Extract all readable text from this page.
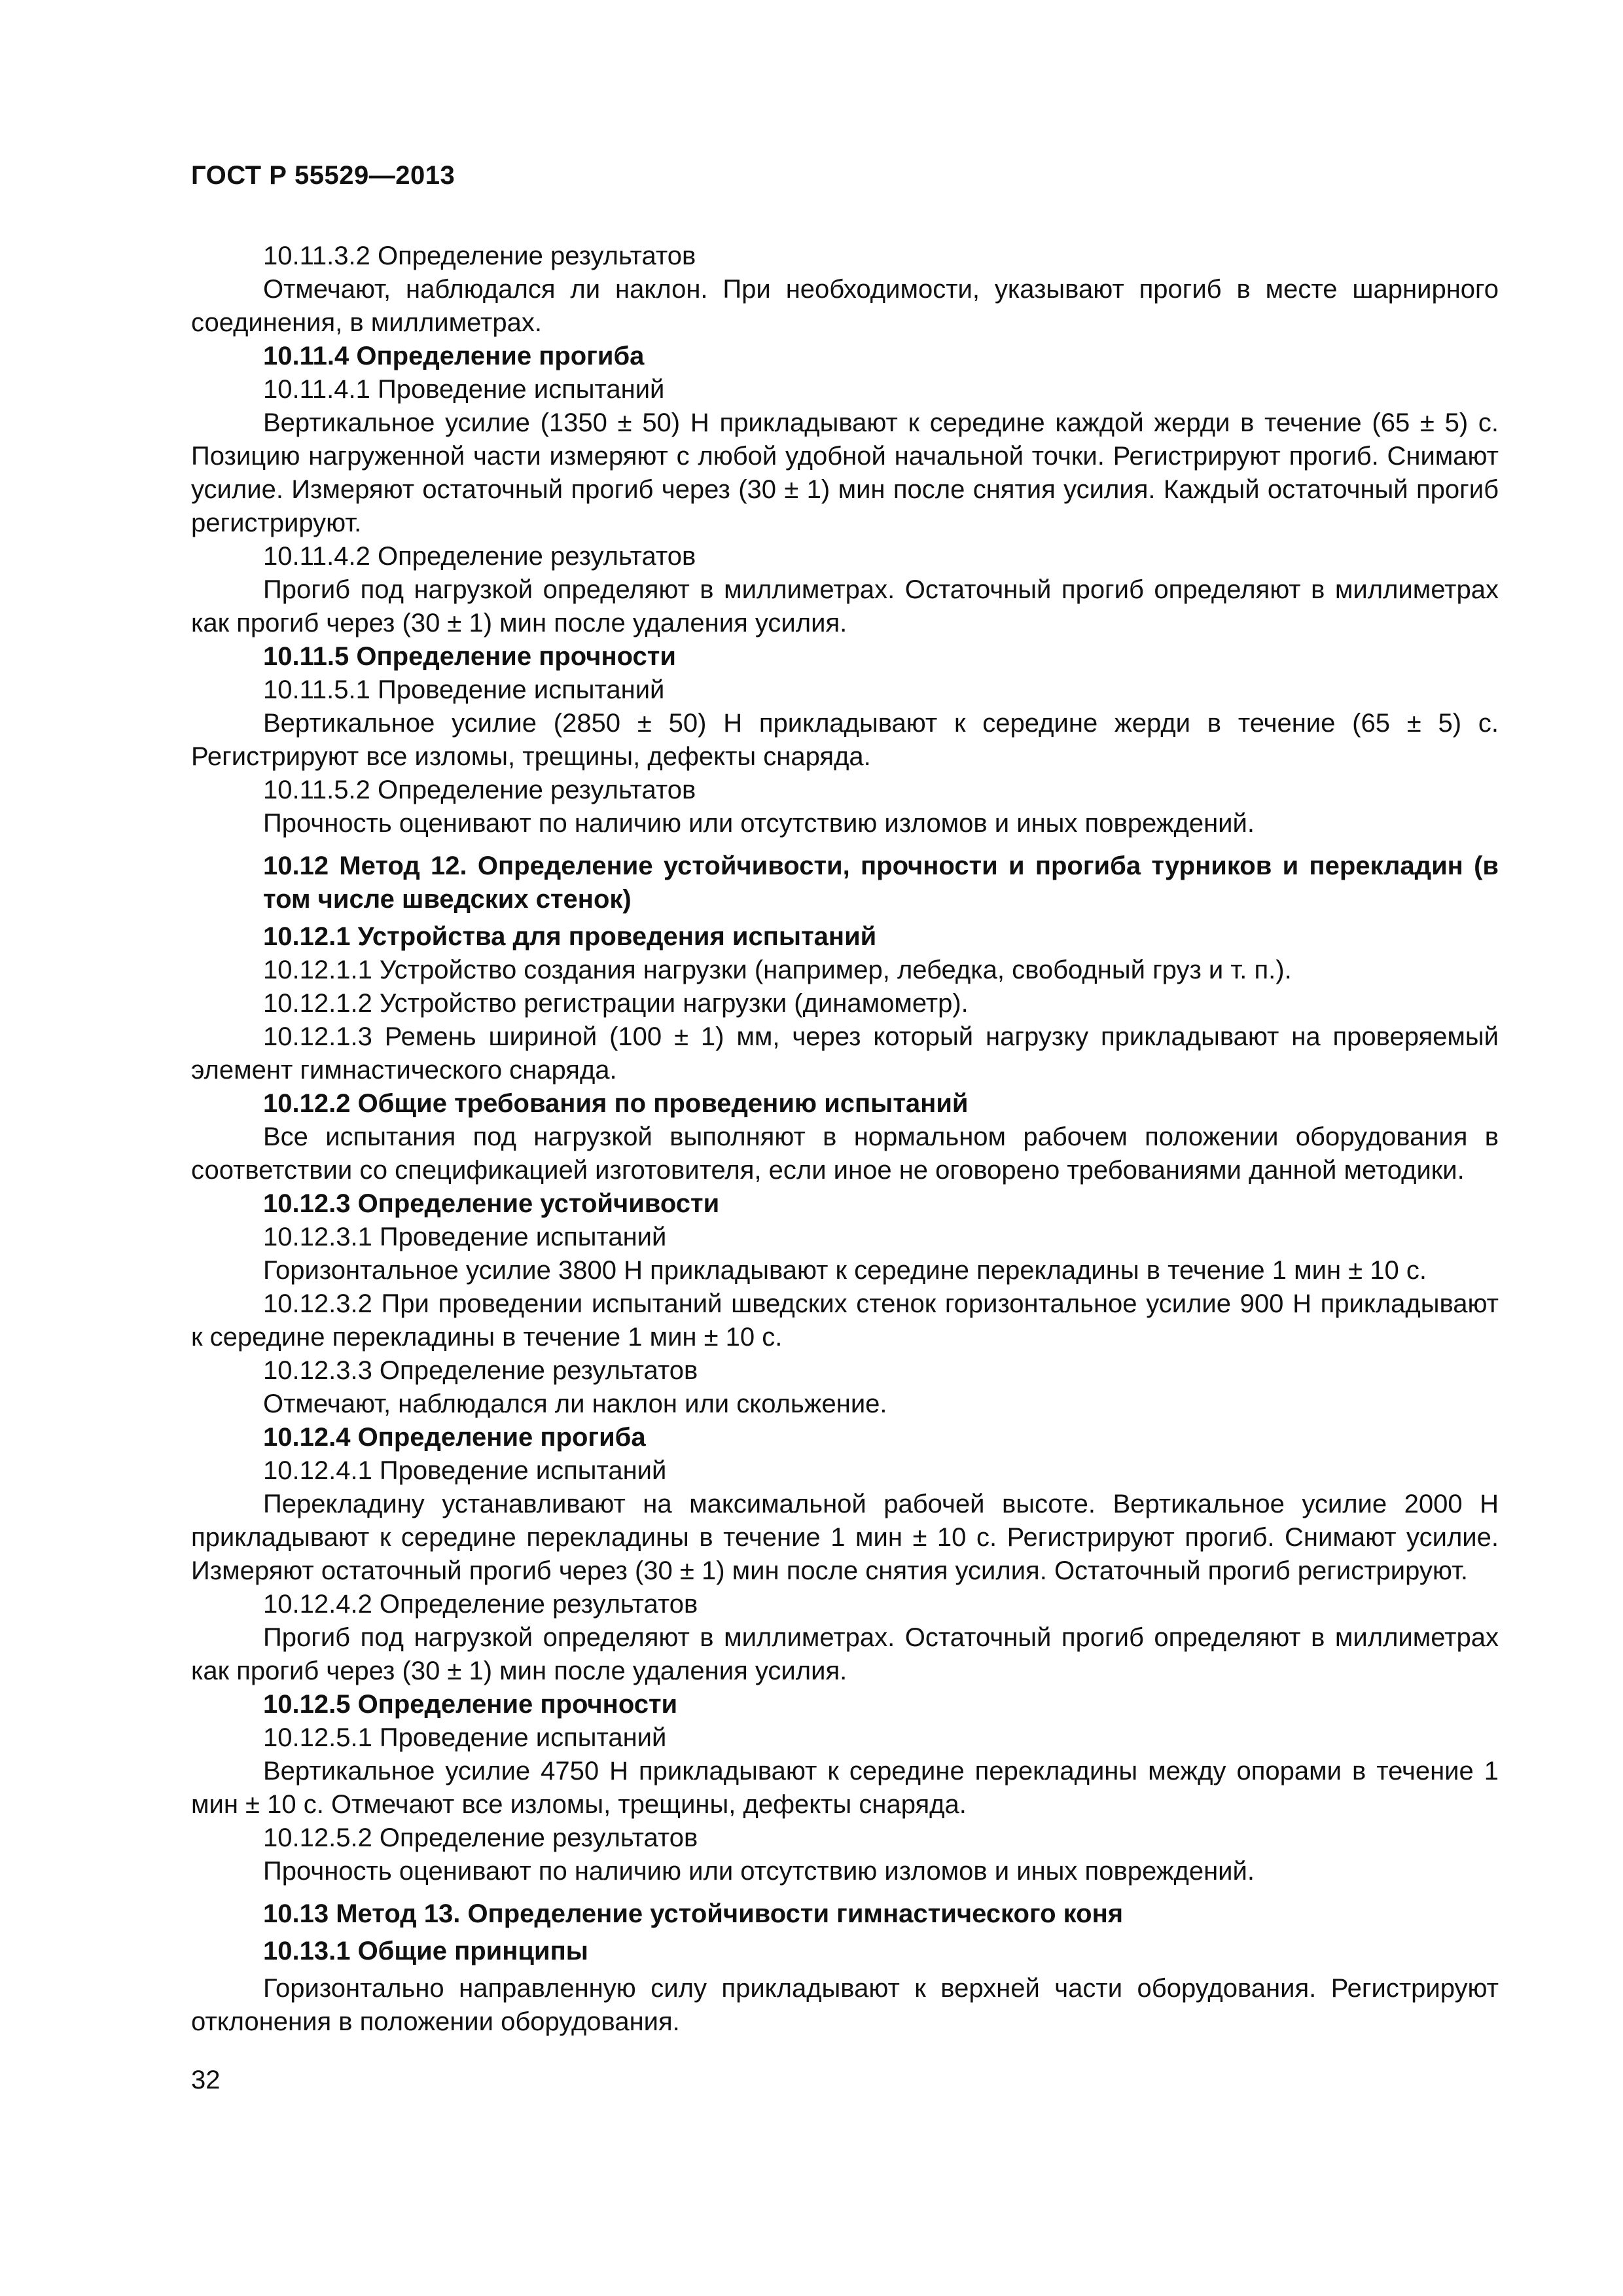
ГОСТ Р 55529—2013

10.11.3.2 Определение результатов

Отмечают, наблюдался ли наклон. При необходимости, указывают прогиб в месте шарнирного соединения, в миллиметрах.

10.11.4 Определение прогиба

10.11.4.1 Проведение испытаний

Вертикальное усилие (1350 ± 50) Н прикладывают к середине каждой жерди в течение (65 ± 5) с. Позицию нагруженной части измеряют с любой удобной начальной точки. Регистрируют прогиб. Снимают усилие. Измеряют остаточный прогиб через (30 ± 1) мин после снятия усилия. Каждый остаточный прогиб регистрируют.

10.11.4.2 Определение результатов

Прогиб под нагрузкой определяют в миллиметрах. Остаточный прогиб определяют в миллиметрах как прогиб через (30 ± 1) мин после удаления усилия.

10.11.5 Определение прочности

10.11.5.1 Проведение испытаний

Вертикальное усилие (2850 ± 50) Н прикладывают к середине жерди в течение (65 ± 5) с. Регистрируют все изломы, трещины, дефекты снаряда.

10.11.5.2 Определение результатов

Прочность оценивают по наличию или отсутствию изломов и иных повреждений.

10.12 Метод 12. Определение устойчивости, прочности и прогиба турников и перекладин (в том числе шведских стенок)

10.12.1 Устройства для проведения испытаний

10.12.1.1 Устройство создания нагрузки (например, лебедка, свободный груз и т. п.).

10.12.1.2 Устройство регистрации нагрузки (динамометр).

10.12.1.3 Ремень шириной (100 ± 1) мм, через который нагрузку прикладывают на проверяемый элемент гимнастического снаряда.

10.12.2 Общие требования по проведению испытаний

Все испытания под нагрузкой выполняют в нормальном рабочем положении оборудования в соответствии со спецификацией изготовителя, если иное не оговорено требованиями данной методики.

10.12.3 Определение устойчивости

10.12.3.1 Проведение испытаний

Горизонтальное усилие 3800 Н прикладывают к середине перекладины в течение 1 мин ± 10 с.

10.12.3.2 При проведении испытаний шведских стенок горизонтальное усилие 900 Н прикладывают к середине перекладины в течение 1 мин ± 10 с.

10.12.3.3 Определение результатов

Отмечают, наблюдался ли наклон или скольжение.

10.12.4 Определение прогиба

10.12.4.1 Проведение испытаний

Перекладину устанавливают на максимальной рабочей высоте. Вертикальное усилие 2000 Н прикладывают к середине перекладины в течение 1 мин ± 10 с. Регистрируют прогиб. Снимают усилие. Измеряют остаточный прогиб через (30 ± 1) мин после снятия усилия. Остаточный прогиб регистрируют.

10.12.4.2 Определение результатов

Прогиб под нагрузкой определяют в миллиметрах. Остаточный прогиб определяют в миллиметрах как прогиб через (30 ± 1) мин после удаления усилия.

10.12.5 Определение прочности

10.12.5.1 Проведение испытаний

Вертикальное усилие 4750 Н прикладывают к середине перекладины между опорами в течение 1 мин ± 10 с. Отмечают все изломы, трещины, дефекты снаряда.

10.12.5.2 Определение результатов

Прочность оценивают по наличию или отсутствию изломов и иных повреждений.

10.13 Метод 13. Определение устойчивости гимнастического коня

10.13.1 Общие принципы

Горизонтально направленную силу прикладывают к верхней части оборудования. Регистрируют отклонения в положении оборудования.

32
